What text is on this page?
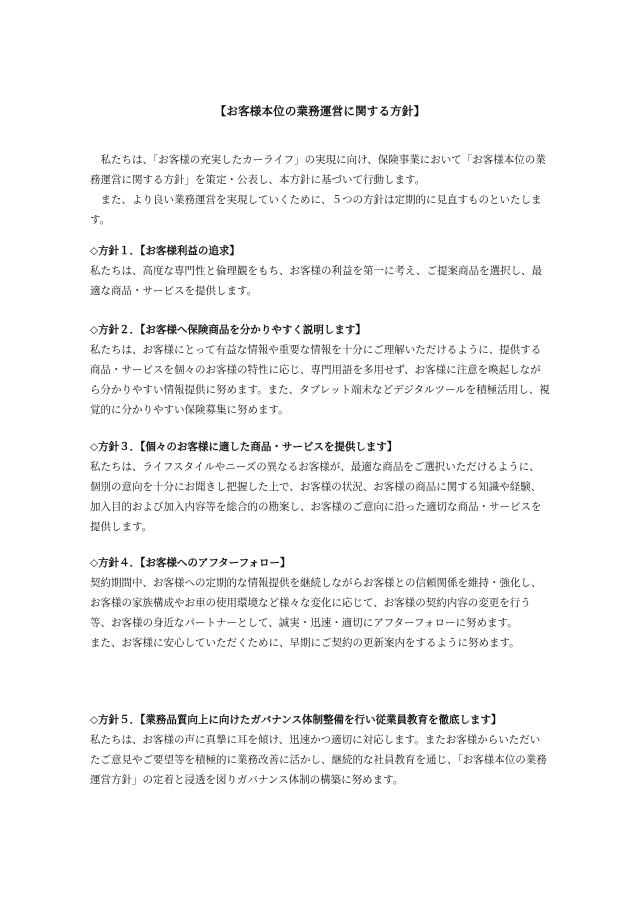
【お客様本位の業務運営に関する方針】

私たちは、「お客様の充実したカーライフ」の実現に向け、保険事業において「お客様本位の業務運営に関する方針」を策定・公表し、本方針に基づいて行動します。

また、より良い業務運営を実現していくために、５つの方針は定期的に見直すものといたします。

◇方針１．【お客様利益の追求】

私たちは、高度な専門性と倫理観をもち、お客様の利益を第一に考え、ご提案商品を選択し、最適な商品・サービスを提供します。

◇方針２．【お客様へ保険商品を分かりやすく説明します】

私たちは、お客様にとって有益な情報や重要な情報を十分にご理解いただけるように、提供する商品・サービスを個々のお客様の特性に応じ、専門用語を多用せず、お客様に注意を喚起しながら分かりやすい情報提供に努めます。また、タブレット端末などデジタルツールを積極活用し、視覚的に分かりやすい保険募集に努めます。

◇方針３．【個々のお客様に適した商品・サービスを提供します】

私たちは、ライフスタイルやニーズの異なるお客様が、最適な商品をご選択いただけるように、個別の意向を十分にお聞きし把握した上で、お客様の状況、お客様の商品に関する知識や経験、加入目的および加入内容等を総合的の勘案し、お客様のご意向に沿った適切な商品・サービスを提供します。

◇方針４．【お客様へのアフターフォロー】

契約期間中、お客様への定期的な情報提供を継続しながらお客様との信頼関係を維持・強化し、お客様の家族構成やお車の使用環境など様々な変化に応じて、お客様の契約内容の変更を行う等、お客様の身近なパートナーとして、誠実・迅速・適切にアフターフォローに努めます。

また、お客様に安心していただくために、早期にご契約の更新案内をするように努めます。

◇方針５．【業務品質向上に向けたガバナンス体制整備を行い従業員教育を徹底します】

私たちは、お客様の声に真摯に耳を傾け、迅速かつ適切に対応します。またお客様からいただいたご意見やご要望等を積極的に業務改善に活かし、継続的な社員教育を通じ、「お客様本位の業務運営方針」の定着と浸透を図りガバナンス体制の構築に努めます。
